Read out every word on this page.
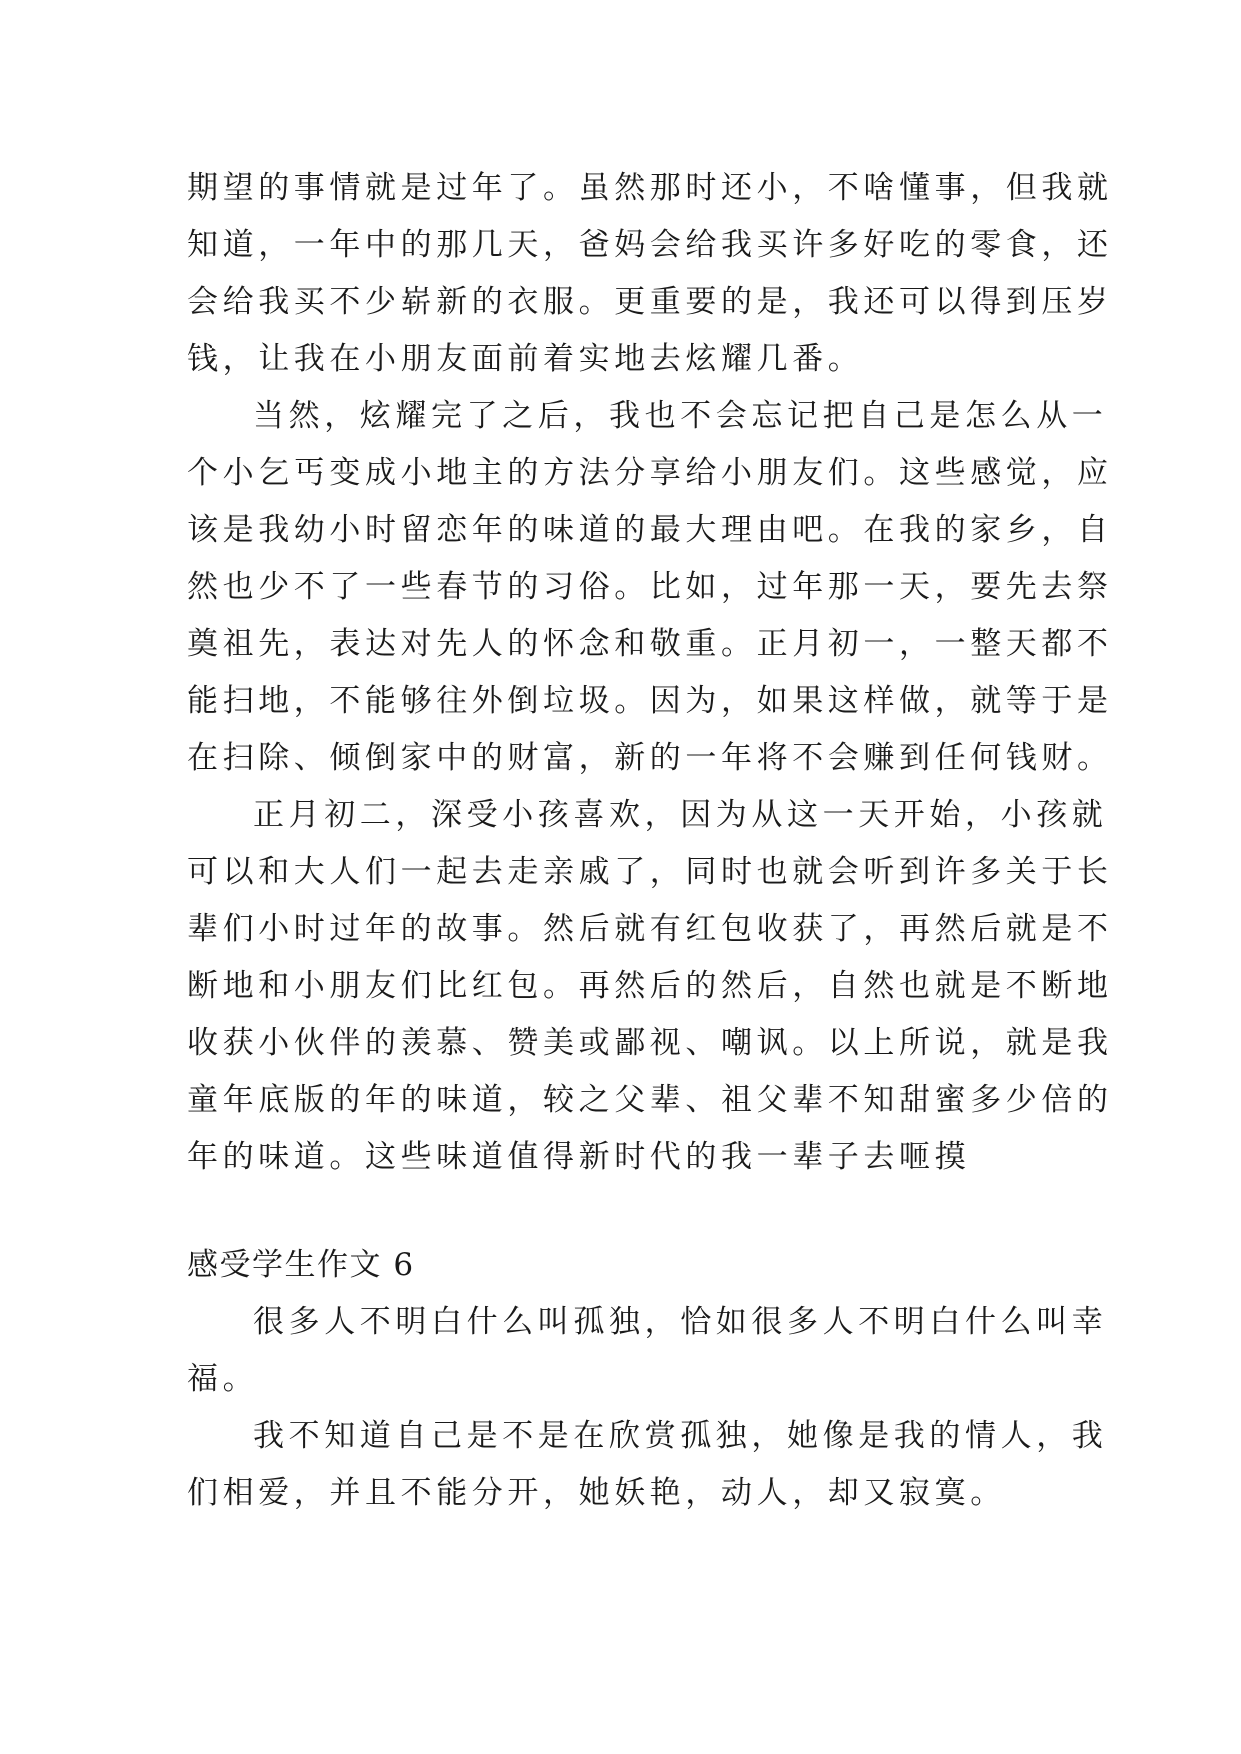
期望的事情就是过年了。虽然那时还小，不啥懂事，但我就
知道，一年中的那几天，爸妈会给我买许多好吃的零食，还
会给我买不少崭新的衣服。更重要的是，我还可以得到压岁
钱，让我在小朋友面前着实地去炫耀几番。
当然，炫耀完了之后，我也不会忘记把自己是怎么从一
个小乞丐变成小地主的方法分享给小朋友们。这些感觉，应
该是我幼小时留恋年的味道的最大理由吧。在我的家乡，自
然也少不了一些春节的习俗。比如，过年那一天，要先去祭
奠祖先，表达对先人的怀念和敬重。正月初一，一整天都不
能扫地，不能够往外倒垃圾。因为，如果这样做，就等于是
在扫除、倾倒家中的财富，新的一年将不会赚到任何钱财。
正月初二，深受小孩喜欢，因为从这一天开始，小孩就
可以和大人们一起去走亲戚了，同时也就会听到许多关于长
辈们小时过年的故事。然后就有红包收获了，再然后就是不
断地和小朋友们比红包。再然后的然后，自然也就是不断地
收获小伙伴的羡慕、赞美或鄙视、嘲讽。以上所说，就是我
童年底版的年的味道，较之父辈、祖父辈不知甜蜜多少倍的
年的味道。这些味道值得新时代的我一辈子去咂摸
感受学生作文 6
很多人不明白什么叫孤独，恰如很多人不明白什么叫幸
福。
我不知道自己是不是在欣赏孤独，她像是我的情人，我
们相爱，并且不能分开，她妖艳，动人，却又寂寞。
